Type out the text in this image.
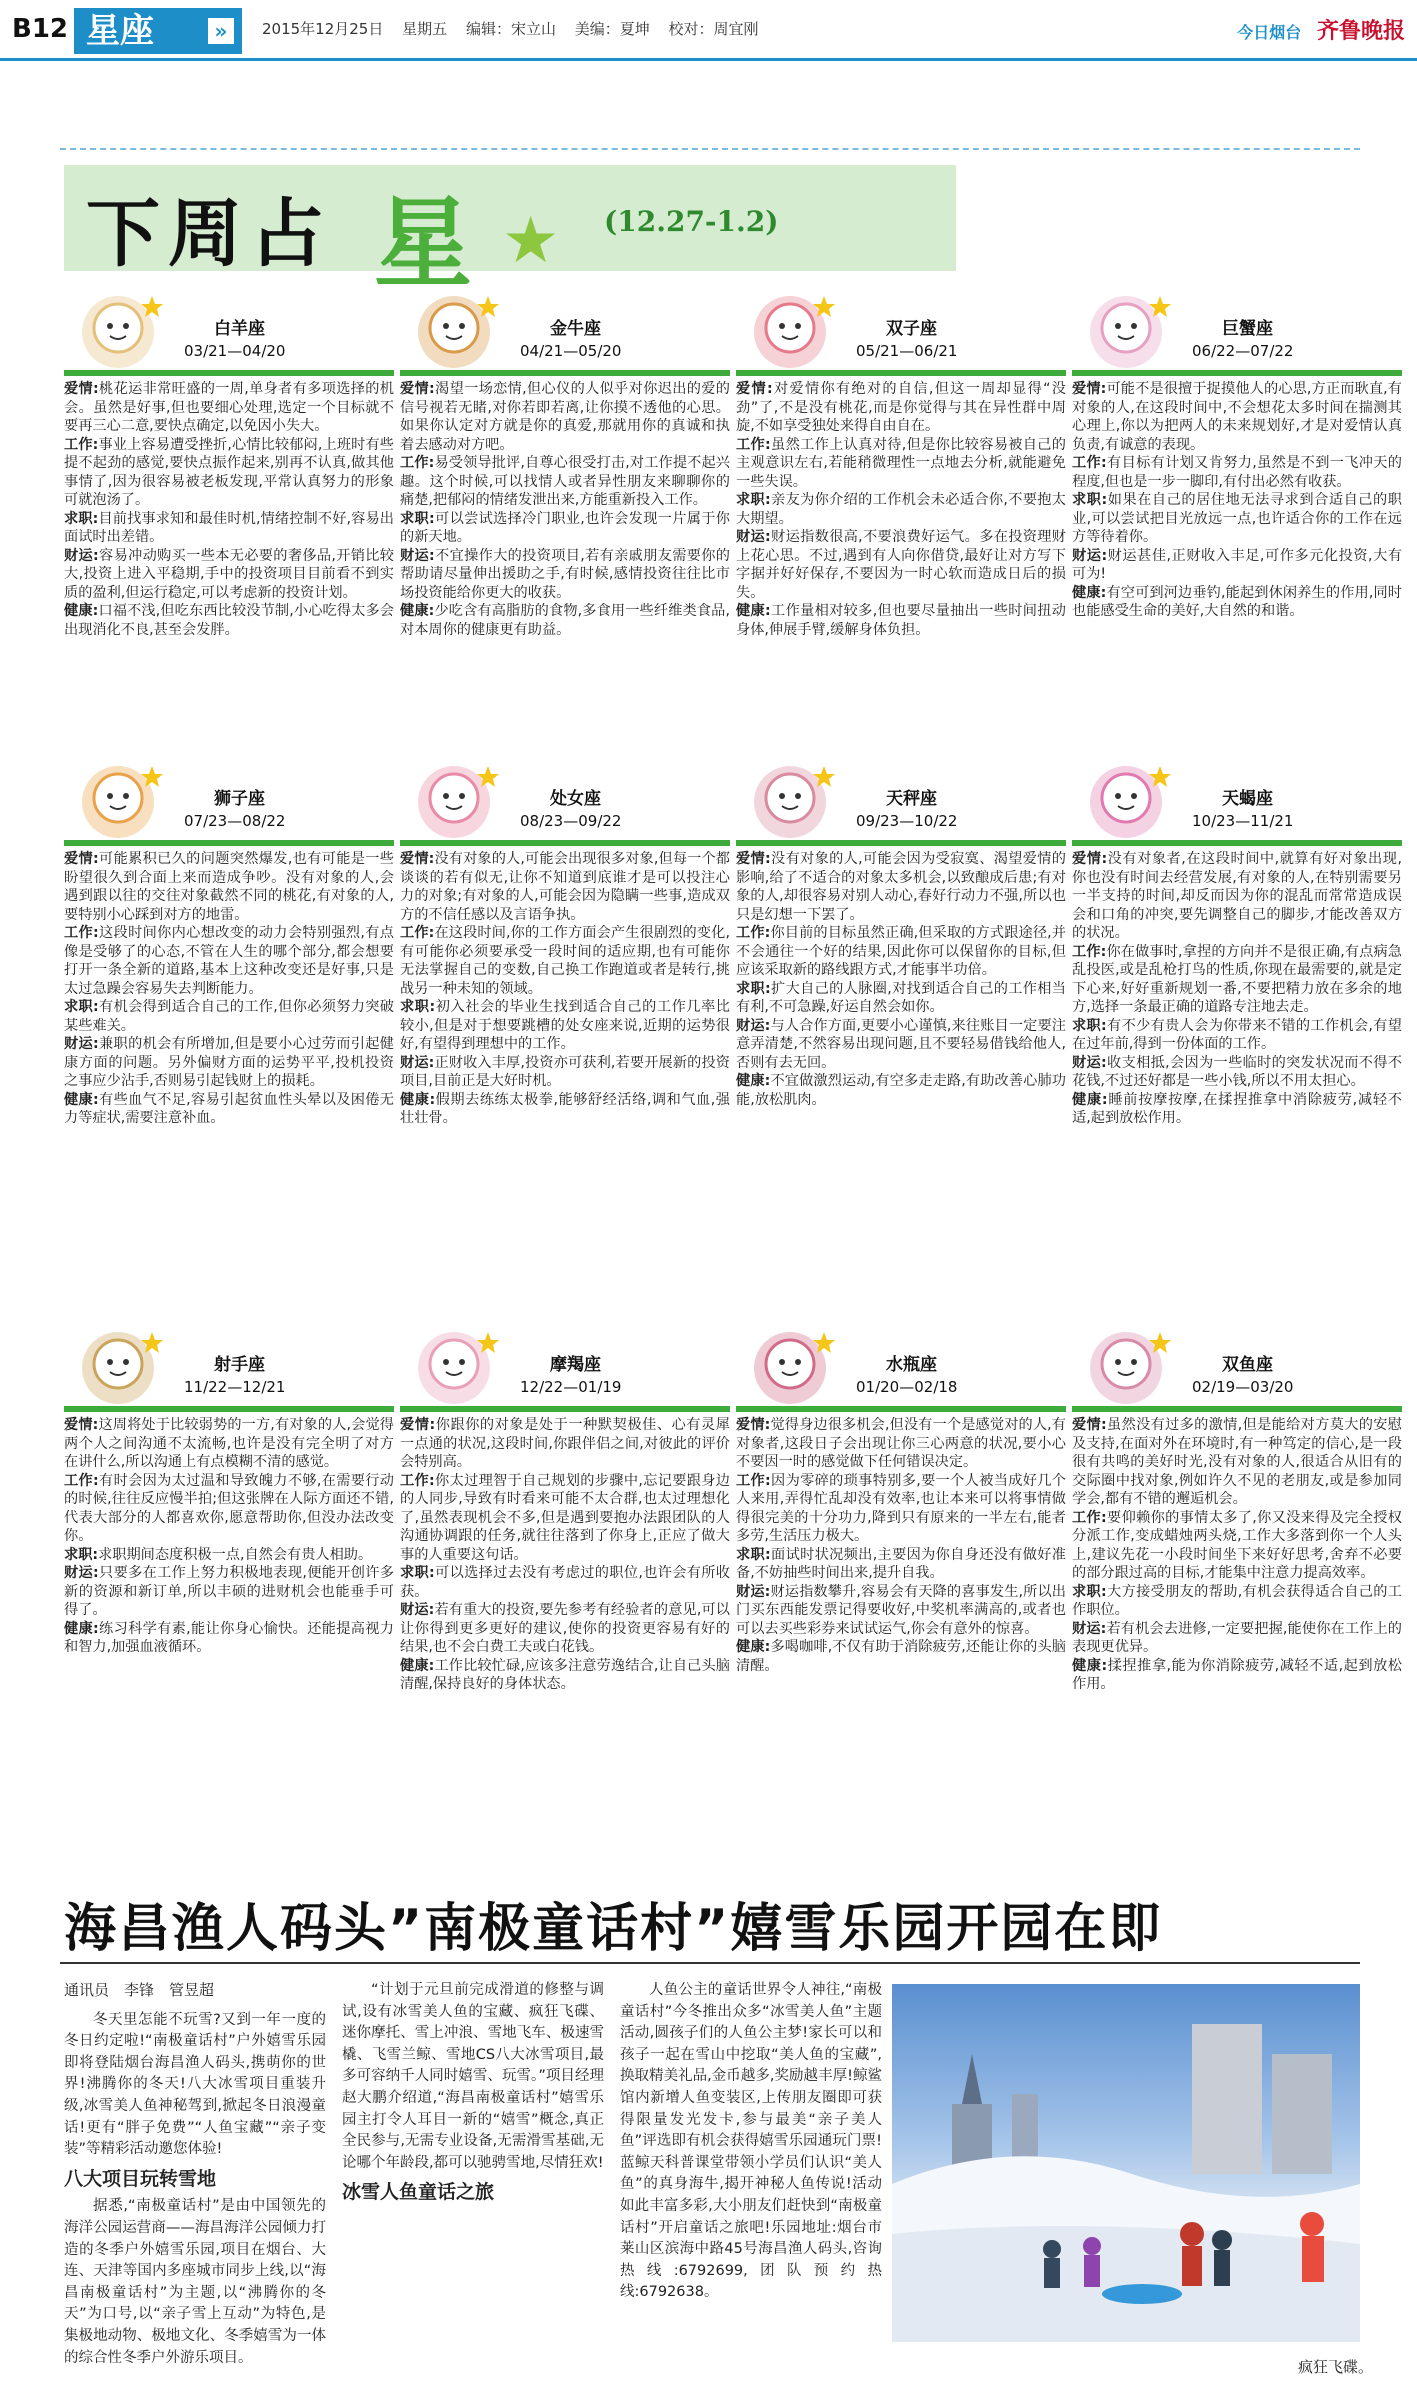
B12 星座	»	2015年12月25日 星期五 编辑：宋立山 美编：夏坤 校对：周宜刚	今日烟台 齐鲁晚报
下周占 星 ★ (12.27-1.2)
白羊座
03/21—04/20

爱情:桃花运非常旺盛的一周,单身者有多项选择的机会。虽然是好事,但也要细心处理,选定一个目标就不要再三心二意,要快点确定,以免因小失大。

工作:事业上容易遭受挫折,心情比较郁闷,上班时有些提不起劲的感觉,要快点振作起来,别再不认真,做其他事情了,因为很容易被老板发现,平常认真努力的形象可就泡汤了。

求职:目前找事求知和最佳时机,情绪控制不好,容易出面试时出差错。

财运:容易冲动购买一些本无必要的奢侈品,开销比较大,投资上进入平稳期,手中的投资项目目前看不到实质的盈利,但运行稳定,可以考虑新的投资计划。

健康:口福不浅,但吃东西比较没节制,小心吃得太多会出现消化不良,甚至会发胖。

金牛座
04/21—05/20

爱情:渴望一场恋情,但心仪的人似乎对你迟出的爱的信号视若无睹,对你若即若离,让你摸不透他的心思。如果你认定对方就是你的真爱,那就用你的真诚和执着去感动对方吧。

工作:易受领导批评,自尊心很受打击,对工作提不起兴趣。这个时候,可以找情人或者异性朋友来聊聊你的痛楚,把郁闷的情绪发泄出来,方能重新投入工作。

求职:可以尝试选择冷门职业,也许会发现一片属于你的新天地。

财运:不宜操作大的投资项目,若有亲戚朋友需要你的帮助请尽量伸出援助之手,有时候,感情投资往往比市场投资能给你更大的收获。

健康:少吃含有高脂肪的食物,多食用一些纤维类食品,对本周你的健康更有助益。

双子座
05/21—06/21

爱情:对爱情你有绝对的自信,但这一周却显得“没劲”了,不是没有桃花,而是你觉得与其在异性群中周旋,不如享受独处来得自由自在。

工作:虽然工作上认真对待,但是你比较容易被自己的主观意识左右,若能稍微理性一点地去分析,就能避免一些失误。

求职:亲友为你介绍的工作机会未必适合你,不要抱太大期望。

财运:财运指数很高,不要浪费好运气。多在投资理财上花心思。不过,遇到有人向你借贷,最好让对方写下字据并好好保存,不要因为一时心软而造成日后的损失。

健康:工作量相对较多,但也要尽量抽出一些时间扭动身体,伸展手臂,缓解身体负担。

巨蟹座
06/22—07/22

爱情:可能不是很擅于捉摸他人的心思,方正而耿直,有对象的人,在这段时间中,不会想花太多时间在揣测其心理上,你以为把两人的未来规划好,才是对爱情认真负责,有诚意的表现。

工作:有目标有计划又肯努力,虽然是不到一飞冲天的程度,但也是一步一脚印,有付出必然有收获。

求职:如果在自己的居住地无法寻求到合适自己的职业,可以尝试把目光放远一点,也许适合你的工作在远方等待着你。

财运:财运甚佳,正财收入丰足,可作多元化投资,大有可为!

健康:有空可到河边垂钓,能起到休闲养生的作用,同时也能感受生命的美好,大自然的和谐。

狮子座
07/23—08/22

爱情:可能累积已久的问题突然爆发,也有可能是一些盼望很久到合面上来而造成争吵。没有对象的人,会遇到跟以往的交往对象截然不同的桃花,有对象的人,要特别小心踩到对方的地雷。

工作:这段时间你内心想改变的动力会特别强烈,有点像是受够了的心态,不管在人生的哪个部分,都会想要打开一条全新的道路,基本上这种改变还是好事,只是太过急躁会容易失去判断能力。

求职:有机会得到适合自己的工作,但你必须努力突破某些难关。

财运:兼职的机会有所增加,但是要小心过劳而引起健康方面的问题。另外偏财方面的运势平平,投机投资之事应少沾手,否则易引起钱财上的损耗。

健康:有些血气不足,容易引起贫血性头晕以及困倦无力等症状,需要注意补血。

处女座
08/23—09/22

爱情:没有对象的人,可能会出现很多对象,但每一个都谈谈的若有似无,让你不知道到底谁才是可以投注心力的对象;有对象的人,可能会因为隐瞒一些事,造成双方的不信任感以及言语争执。

工作:在这段时间,你的工作方面会产生很剧烈的变化,有可能你必须要承受一段时间的适应期,也有可能你无法掌握自己的变数,自己换工作跑道或者是转行,挑战另一种未知的领域。

求职:初入社会的毕业生找到适合自己的工作几率比较小,但是对于想要跳槽的处女座来说,近期的运势很好,有望得到理想中的工作。

财运:正财收入丰厚,投资亦可获利,若要开展新的投资项目,目前正是大好时机。

健康:假期去练练太极拳,能够舒经活络,调和气血,强壮壮骨。

天秤座
09/23—10/22

爱情:没有对象的人,可能会因为受寂寞、渴望爱情的影响,给了不适合的对象太多机会,以致酿成后患;有对象的人,却很容易对别人动心,春好行动力不强,所以也只是幻想一下罢了。

工作:你目前的目标虽然正确,但采取的方式跟途径,并不会通往一个好的结果,因此你可以保留你的目标,但应该采取新的路线跟方式,才能事半功倍。

求职:扩大自己的人脉圈,对找到适合自己的工作相当有利,不可急躁,好运自然会如你。

财运:与人合作方面,更要小心谨慎,来往账目一定要注意弄清楚,不然容易出现问题,且不要轻易借钱给他人,否则有去无回。

健康:不宜做激烈运动,有空多走走路,有助改善心肺功能,放松肌肉。

天蝎座
10/23—11/21

爱情:没有对象者,在这段时间中,就算有好对象出现,你也没有时间去经营发展,有对象的人,在特别需要另一半支持的时间,却反而因为你的混乱而常常造成误会和口角的冲突,要先调整自己的脚步,才能改善双方的状况。

工作:你在做事时,拿捏的方向并不是很正确,有点病急乱投医,或是乱枪打鸟的性质,你现在最需要的,就是定下心来,好好重新规划一番,不要把精力放在多余的地方,选择一条最正确的道路专注地去走。

求职:有不少有贵人会为你带来不错的工作机会,有望在过年前,得到一份体面的工作。

财运:收支相抵,会因为一些临时的突发状况而不得不花钱,不过还好都是一些小钱,所以不用太担心。

健康:睡前按摩按摩,在揉捏推拿中消除疲劳,减轻不适,起到放松作用。

射手座
11/22—12/21

爱情:这周将处于比较弱势的一方,有对象的人,会觉得两个人之间沟通不太流畅,也许是没有完全明了对方在讲什么,所以沟通上有点模糊不清的感觉。

工作:有时会因为太过温和导致魄力不够,在需要行动的时候,往往反应慢半拍;但这张牌在人际方面还不错,代表大部分的人都喜欢你,愿意帮助你,但没办法改变你。

求职:求职期间态度积极一点,自然会有贵人相助。

财运:只要多在工作上努力积极地表现,便能开创许多新的资源和新订单,所以丰硕的进财机会也能垂手可得了。

健康:练习科学有素,能让你身心愉快。还能提高视力和智力,加强血液循环。

摩羯座
12/22—01/19

爱情:你跟你的对象是处于一种默契极佳、心有灵犀一点通的状况,这段时间,你跟伴侣之间,对彼此的评价会特别高。

工作:你太过理智于自己规划的步骤中,忘记要跟身边的人同步,导致有时看来可能不太合群,也太过理想化了,虽然表现机会不多,但是遇到要抱办法跟团队的人沟通协调跟的任务,就往往落到了你身上,正应了做大事的人重要这句话。

求职:可以选择过去没有考虑过的职位,也许会有所收获。

财运:若有重大的投资,要先参考有经验者的意见,可以让你得到更多更好的建议,使你的投资更容易有好的结果,也不会白费工夫或白花钱。

健康:工作比较忙碌,应该多注意劳逸结合,让自己头脑清醒,保持良好的身体状态。

水瓶座
01/20—02/18

爱情:觉得身边很多机会,但没有一个是感觉对的人,有对象者,这段日子会出现让你三心两意的状况,要小心不要因一时的感觉做下任何错误决定。

工作:因为零碎的琐事特别多,要一个人被当成好几个人来用,弄得忙乱却没有效率,也让本来可以将事情做得很完美的十分功力,降到只有原来的一半左右,能者多劳,生活压力极大。

求职:面试时状况频出,主要因为你自身还没有做好准备,不妨抽些时间出来,提升自我。

财运:财运指数攀升,容易会有天降的喜事发生,所以出门买东西能发票记得要收好,中奖机率满高的,或者也可以去买些彩券来试试运气,你会有意外的惊喜。

健康:多喝咖啡,不仅有助于消除疲劳,还能让你的头脑清醒。

双鱼座
02/19—03/20

爱情:虽然没有过多的激情,但是能给对方莫大的安慰及支持,在面对外在环境时,有一种笃定的信心,是一段很有共鸣的美好时光,没有对象的人,很适合从旧有的交际圈中找对象,例如许久不见的老朋友,或是参加同学会,都有不错的邂逅机会。

工作:要仰赖你的事情太多了,你又没来得及完全授权分派工作,变成蜡烛两头烧,工作大多落到你一个人头上,建议先花一小段时间坐下来好好思考,舍弃不必要的部分跟过高的目标,才能集中注意力提高效率。

求职:大方接受朋友的帮助,有机会获得适合自己的工作职位。

财运:若有机会去进修,一定要把握,能使你在工作上的表现更优异。

健康:揉捏推拿,能为你消除疲劳,减轻不适,起到放松作用。

海昌渔人码头”南极童话村”嬉雪乐园开园在即

通讯员　李锋　管昱超

冬天里怎能不玩雪?又到一年一度的冬日约定啦!“南极童话村”户外嬉雪乐园即将登陆烟台海昌渔人码头,携萌你的世界!沸腾你的冬天!八大冰雪项目重装升级,冰雪美人鱼神秘驾到,掀起冬日浪漫童话!更有“胖子免费”“人鱼宝藏”“亲子变装”等精彩活动邀您体验!

八大项目玩转雪地

据悉,“南极童话村”是由中国领先的海洋公园运营商——海昌海洋公园倾力打造的冬季户外嬉雪乐园,项目在烟台、大连、天津等国内多座城市同步上线,以“海昌南极童话村”为主题,以“沸腾你的冬天”为口号,以“亲子雪上互动”为特色,是集极地动物、极地文化、冬季嬉雪为一体的综合性冬季户外游乐项目。

“计划于元旦前完成滑道的修整与调试,设有冰雪美人鱼的宝藏、疯狂飞碟、迷你摩托、雪上冲浪、雪地飞车、极速雪橇、飞雪兰鲸、雪地CS八大冰雪项目,最多可容纳千人同时嬉雪、玩雪。”项目经理赵大鹏介绍道,“海昌南极童话村”嬉雪乐园主打令人耳目一新的“嬉雪”概念,真正全民参与,无需专业设备,无需滑雪基础,无论哪个年龄段,都可以驰骋雪地,尽情狂欢!

冰雪人鱼童话之旅

人鱼公主的童话世界令人神往,“南极童话村”今冬推出众多“冰雪美人鱼”主题活动,圆孩子们的人鱼公主梦!家长可以和孩子一起在雪山中挖取“美人鱼的宝藏”,换取精美礼品,金币越多,奖励越丰厚!鲸鲨馆内新增人鱼变装区,上传朋友圈即可获得限量发光发卡,参与最美“亲子美人鱼”评选即有机会获得嬉雪乐园通玩门票!蓝鲸天科普课堂带领小学员们认识“美人鱼”的真身海牛,揭开神秘人鱼传说!活动如此丰富多彩,大小朋友们赶快到“南极童话村”开启童话之旅吧!乐园地址:烟台市莱山区滨海中路45号海昌渔人码头,咨询热线:6792699,团队预约热线:6792638。

疯狂飞碟。
